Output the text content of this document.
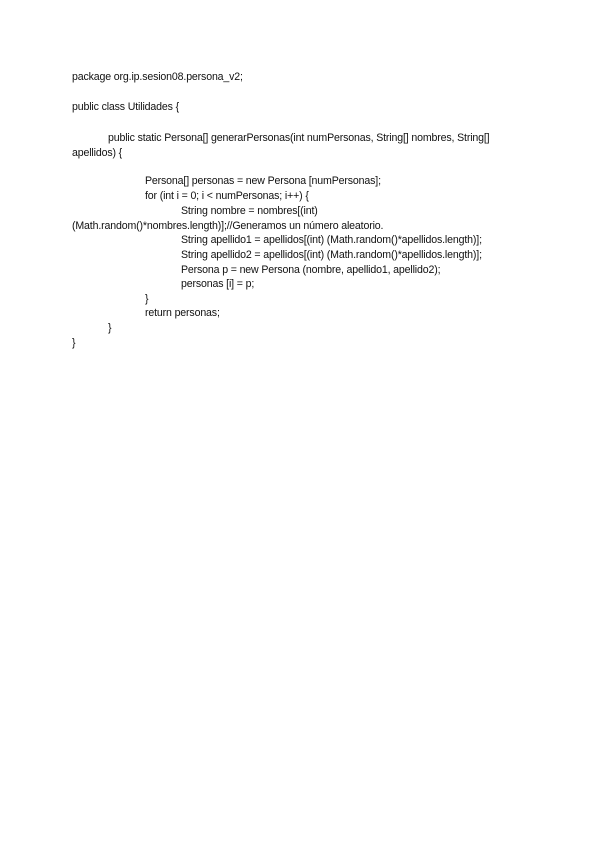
package org.ip.sesion08.persona_v2;
public class Utilidades {
public static Persona[] generarPersonas(int numPersonas, String[] nombres, String[]
apellidos) {
Persona[] personas = new Persona [numPersonas];
for (int i = 0; i < numPersonas; i++) {
String nombre = nombres[(int)
(Math.random()*nombres.length)];//Generamos un número aleatorio.
String apellido1 = apellidos[(int) (Math.random()*apellidos.length)];
String apellido2 = apellidos[(int) (Math.random()*apellidos.length)];
Persona p = new Persona (nombre, apellido1, apellido2);
personas [i] = p;
}
return personas;
}
}
